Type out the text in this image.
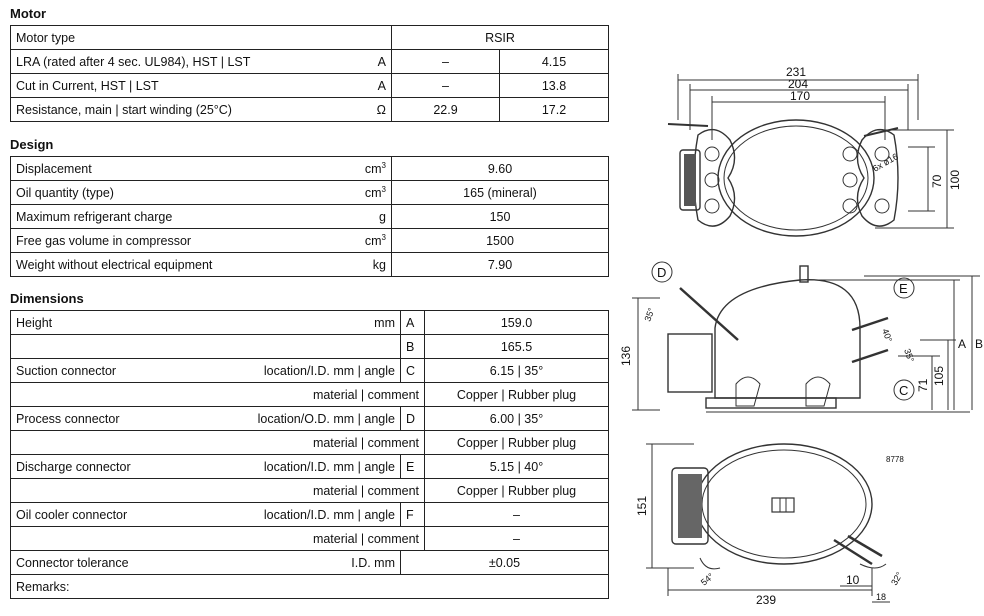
Motor
Motor type		RSIR	
LRA (rated after 4 sec. UL984), HST | LST	A	–	4.15
Cut in Current, HST | LST	A	–	13.8
Resistance, main | start winding (25°C)	Ω	22.9	17.2
Design
Displacement	$cm^3$	9.60
Oil quantity (type)	$cm^3$	165 (mineral)
Maximum refrigerant charge	g	150
Free gas volume in compressor	$cm^3$	1500
Weight without electrical equipment	kg	7.90
Dimensions
Height	mm	A	159.0
		B	165.5
Suction connector	location/I.D. mm | angle	C	6.15 | 35°
	material | comment		Copper | Rubber plug
Process connector	location/O.D. mm | angle	D	6.00 | 35°
	material | comment		Copper | Rubber plug
Discharge connector	location/I.D. mm | angle	E	5.15 | 40°
	material | comment		Copper | Rubber plug
Oil cooler connector	location/I.D. mm | angle	F	–
	material | comment		–
Connector tolerance	I.D. mm	±0.05	
Remarks:			
231
204
170
6x ø16
70 100
D
E
C
35°
40°
35°
136
105
71
A B
8778
151
239
10
18
54°	32°
